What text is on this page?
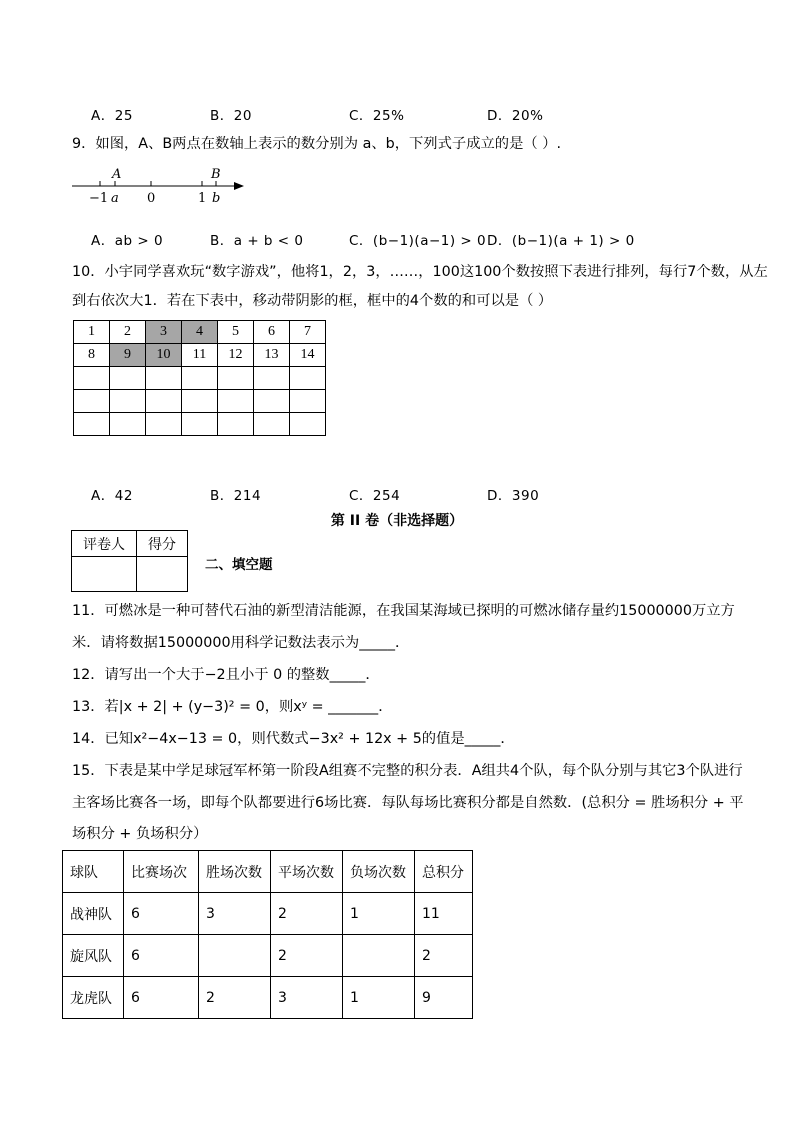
A．25	B．20	C．25%	D．20%
9．如图，A、B两点在数轴上表示的数分别为 a、b，下列式子成立的是（ ）.
A	B
−1 a 0	1 b
A．ab > 0	B．a + b < 0	C．(b−1)(a−1) > 0 D．(b−1)(a + 1) > 0
10．小宇同学喜欢玩“数字游戏”，他将1，2，3，……，100这100个数按照下表进行排列，每行7个数，从左
到右依次大1．若在下表中，移动带阴影的框，框中的4个数的和可以是（ ）
1	2	3	4	5	6	7
8	9	10	11	12	13	14

A．42	B．214	C．254	D．390
第 II 卷（非选择题）
评卷人	得分

二、填空题
11．可燃冰是一种可替代石油的新型清洁能源，在我国某海域已探明的可燃冰储存量约15000000万立方
米．请将数据15000000用科学记数法表示为_____．
12．请写出一个大于−2且小于 0 的整数_____．
13．若|x + 2| + (y−3)² = 0，则xʸ = _______．
14．已知x²−4x−13 = 0，则代数式−3x² + 12x + 5的值是_____．
15．下表是某中学足球冠军杯第一阶段A组赛不完整的积分表．A组共4个队，每个队分别与其它3个队进行
主客场比赛各一场，即每个队都要进行6场比赛．每队每场比赛积分都是自然数．(总积分 = 胜场积分 + 平
场积分 + 负场积分）
球队	比赛场次	胜场次数	平场次数	负场次数	总积分
战神队	6	3	2	1	11
旋风队	6		2		2
龙虎队	6	2	3	1	9
